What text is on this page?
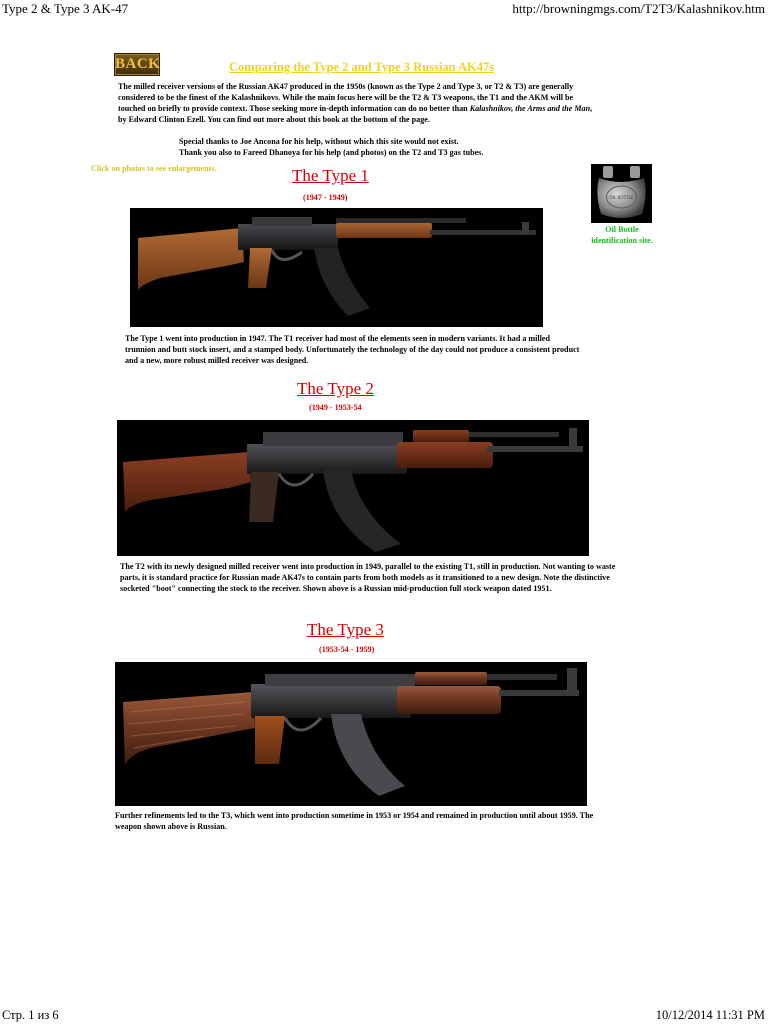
Type 2 & Type 3 AK-47	http://browningmgs.com/T2T3/Kalashnikov.htm
BACK	Comparing the Type 2 and Type 3 Russian AK47s
The milled receiver versions of the Russian AK47 produced in the 1950s (known as the Type 2 and Type 3, or T2 & T3) are generally considered to be the finest of the Kalashnikovs. While the main focus here will be the T2 & T3 weapons, the T1 and the AKM will be touched on briefly to provide context. Those seeking more in-depth information can do no better than Kalashnikov, the Arms and the Man, by Edward Clinton Ezell. You can find out more about this book at the bottom of the page.
Special thanks to Joe Ancona for his help, without which this site would not exist.
Thank you also to Fareed Dhanoya for his help (and photos) on the T2 and T3 gas tubes.
Click on photos to see enlargements.
OIL BOTTLE
Oil Bottle
identification site.
The Type 1
(1947 - 1949)
The Type 1 went into production in 1947. The T1 receiver had most of the elements seen in modern variants. It had a milled trunnion and butt stock insert, and a stamped body. Unfortunately the technology of the day could not produce a consistent product and a new, more robust milled receiver was designed.
The Type 2
(1949 - 1953-54
The T2 with its newly designed milled receiver went into production in 1949, parallel to the existing T1, still in production. Not wanting to waste parts, it is standard practice for Russian made AK47s to contain parts from both models as it transitioned to a new design. Note the distinctive socketed "boot" connecting the stock to the receiver. Shown above is a Russian mid-production full stock weapon dated 1951.
The Type 3
(1953-54 - 1959)
Further refinements led to the T3, which went into production sometime in 1953 or 1954 and remained in production until about 1959. The weapon shown above is Russian.
Стр. 1 из 6	10/12/2014 11:31 PM
